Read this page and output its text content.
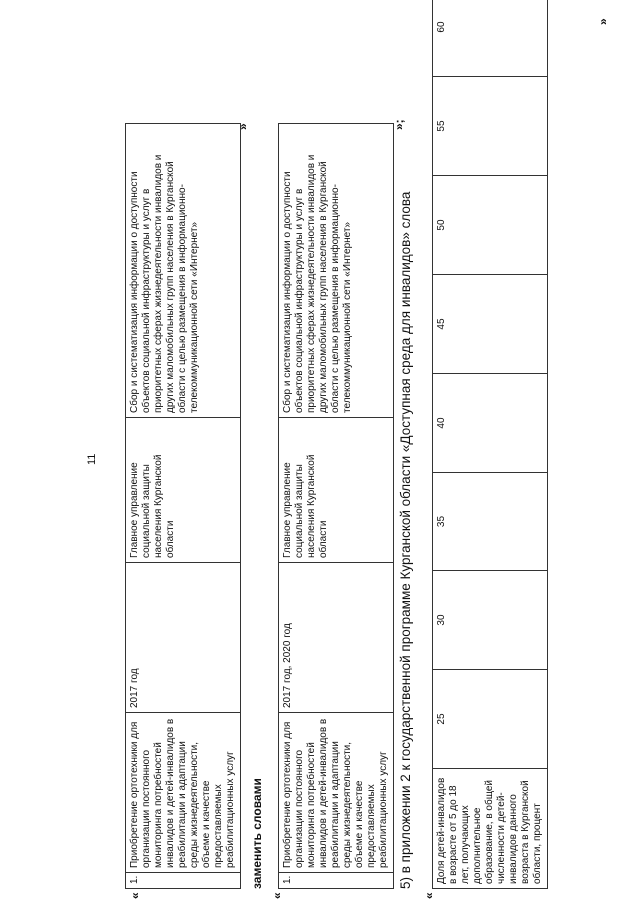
11
«
1.	Приобретение ортотехники для организации постоянного мониторинга потребностей инвалидов и детей-инвалидов в реабилитации и адаптации среды жизнедеятельности, объеме и качестве предоставляемых реабилитационных услуг	2017 год	Главное управление социальной защиты населения Курганской области	Сбор и систематизация информации о доступности объектов социальной инфраструктуры и услуг в приоритетных сферах жизнедеятельности инвалидов и других маломобильных групп населения в Курганской области с целью размещения в информационно-телекоммуникационной сети «Интернет»
»
заменить словами
«
1.	Приобретение ортотехники для организации постоянного мониторинга потребностей инвалидов и детей-инвалидов в реабилитации и адаптации среды жизнедеятельности, объеме и качестве предоставляемых реабилитационных услуг	2017 год, 2020 год	Главное управление социальной защиты населения Курганской области	Сбор и систематизация информации о доступности объектов социальной инфраструктуры и услуг в приоритетных сферах жизнедеятельности инвалидов и других маломобильных групп населения в Курганской области с целью размещения в информационно-телекоммуникационной сети «Интернет»
»;
5) в приложении 2 к государственной программе Курганской области «Доступная среда для инвалидов» слова
«
Доля детей-инвалидов в возрасте от 5 до 18 лет, получающих дополнительное образование, в общей численности детей-инвалидов данного возраста в Курганской области, процент	25	30	35	40	45	50	55	60		»
